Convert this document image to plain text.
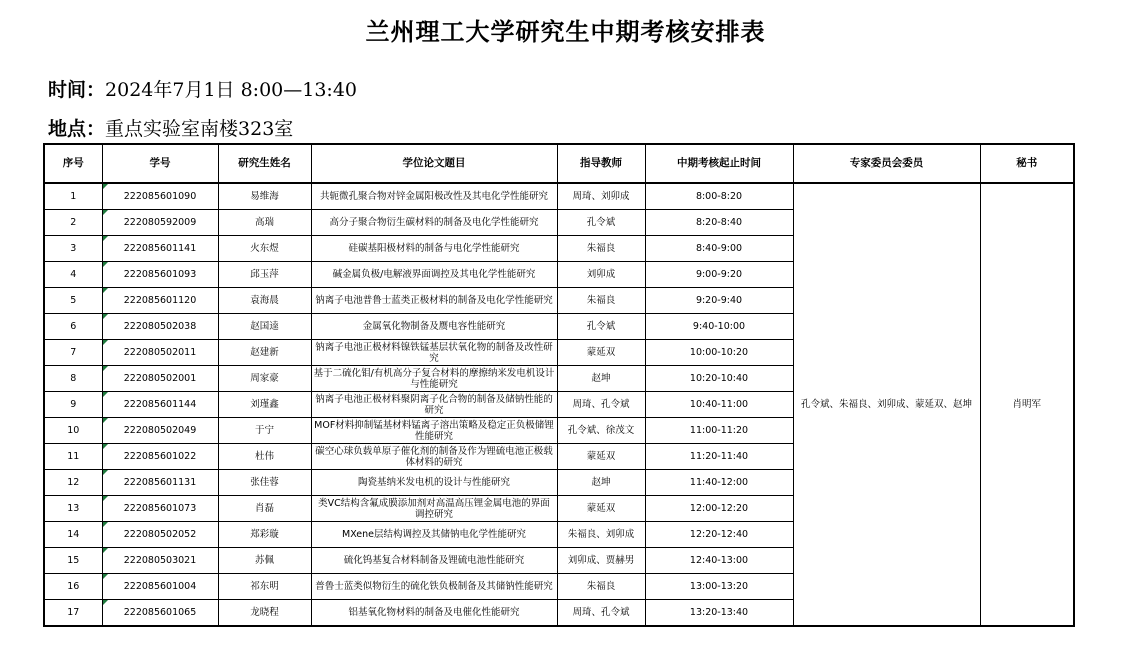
兰州理工大学研究生中期考核安排表
时间：2024年7月1日 8:00—13:40
地点：重点实验室南楼323室
序号	学号	研究生姓名	学位论文题目	指导教师	中期考核起止时间	专家委员会委员	秘书
1	222085601090	易维海	共轭微孔聚合物对锌金属阳极改性及其电化学性能研究	周琦、刘卯成	8:00-8:20	孔令斌、朱福良、刘卯成、蒙延双、赵坤	肖明军
2	222080592009	高瑞	高分子聚合物衍生碳材料的制备及电化学性能研究	孔令斌	8:20-8:40		
3	222085601141	火东煜	硅碳基阳极材料的制备与电化学性能研究	朱福良	8:40-9:00		
4	222085601093	邱玉萍	碱金属负极/电解液界面调控及其电化学性能研究	刘卯成	9:00-9:20		
5	222085601120	袁海晨	钠离子电池普鲁士蓝类正极材料的制备及电化学性能研究	朱福良	9:20-9:40		
6	222080502038	赵国逵	金属氧化物制备及赝电容性能研究	孔令斌	9:40-10:00		
7	222080502011	赵建新	钠离子电池正极材料镍铁锰基层状氧化物的制备及改性研究	蒙延双	10:00-10:20		
8	222080502001	周家豪	基于二硫化钼/有机高分子复合材料的摩擦纳米发电机设计与性能研究	赵坤	10:20-10:40		
9	222085601144	刘瑾鑫	钠离子电池正极材料聚阴离子化合物的制备及储钠性能的研究	周琦、孔令斌	10:40-11:00		
10	222080502049	于宁	MOF材料抑制锰基材料锰离子溶出策略及稳定正负极储锂性能研究	孔令斌、徐茂文	11:00-11:20		
11	222085601022	杜伟	碳空心球负载单原子催化剂的制备及作为锂硫电池正极载体材料的研究	蒙延双	11:20-11:40		
12	222085601131	张佳蓉	陶瓷基纳米发电机的设计与性能研究	赵坤	11:40-12:00		
13	222085601073	肖磊	类VC结构含氟成膜添加剂对高温高压锂金属电池的界面调控研究	蒙延双	12:00-12:20		
14	222080502052	郑彩璇	MXene层结构调控及其储钠电化学性能研究	朱福良、刘卯成	12:20-12:40		
15	222080503021	苏佩	硫化钨基复合材料制备及锂硫电池性能研究	刘卯成、贾赫男	12:40-13:00		
16	222085601004	祁东明	普鲁士蓝类似物衍生的硫化铁负极制备及其储钠性能研究	朱福良	13:00-13:20		
17	222085601065	龙晓程	铝基氧化物材料的制备及电催化性能研究	周琦、孔令斌	13:20-13:40		
